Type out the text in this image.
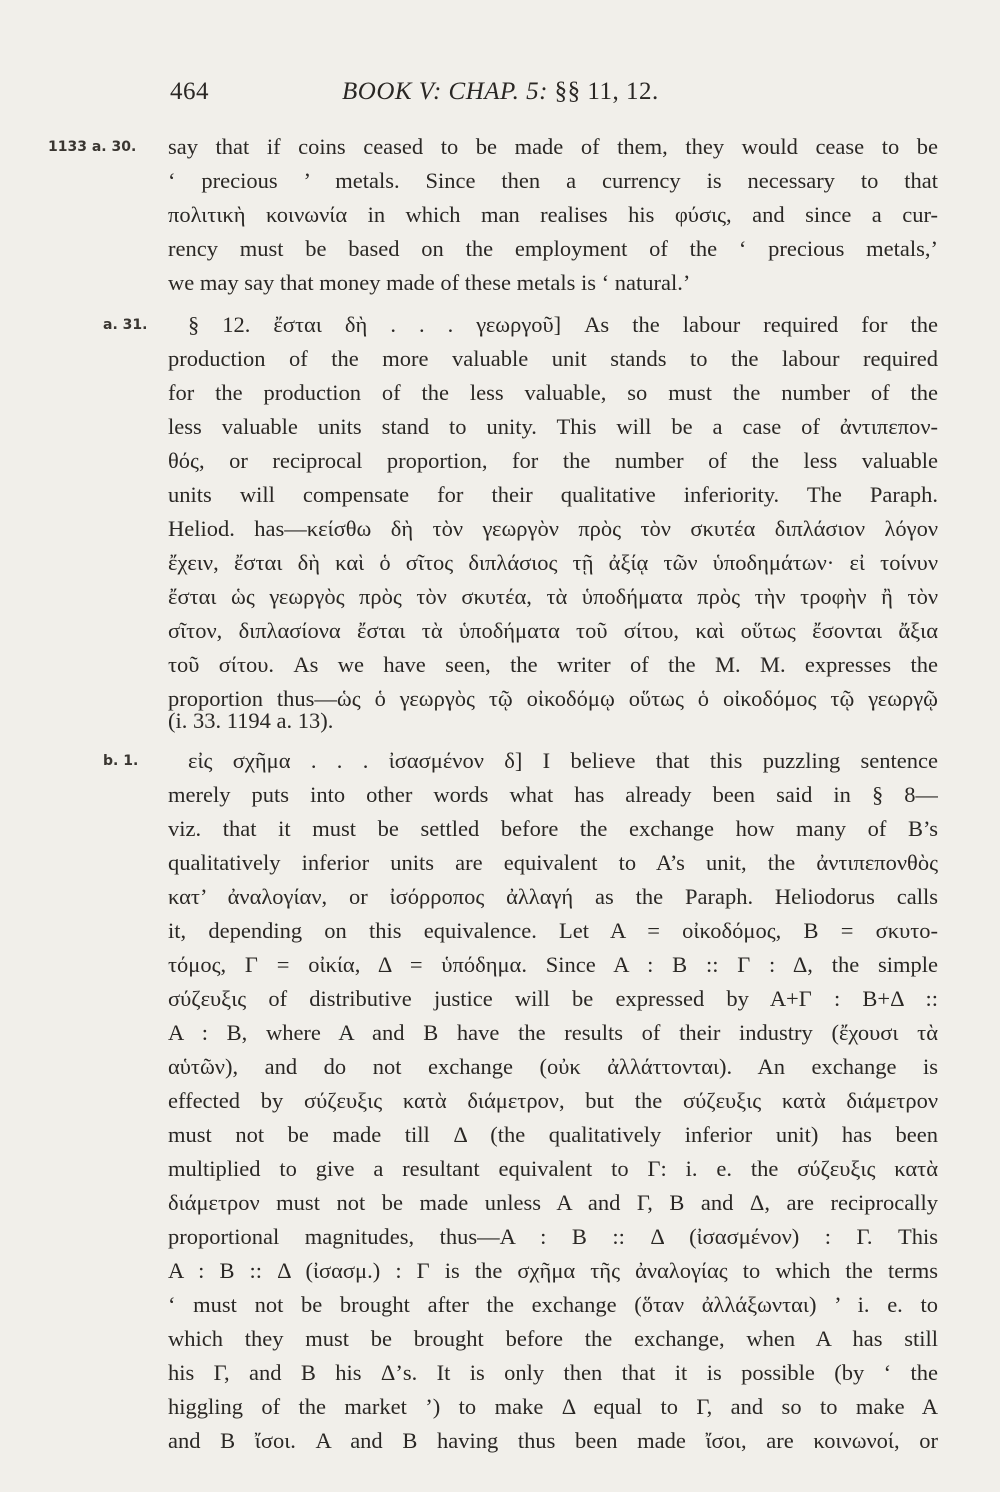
464	BOOK V: CHAP. 5: §§ 11, 12.
1133 a. 30.
a. 31.
b. 1.
say that if coins ceased to be made of them, they would cease to be
‘ precious ’ metals. Since then a currency is necessary to that
πολιτικὴ κοινωνία in which man realises his φύσις, and since a cur-
rency must be based on the employment of the ‘ precious metals,’
we may say that money made of these metals is ‘ natural.’
§ 12. ἔσται δὴ . . . γεωργοῦ] As the labour required for the
production of the more valuable unit stands to the labour required
for the production of the less valuable, so must the number of the
less valuable units stand to unity. This will be a case of ἀντιπεπον-
θός, or reciprocal proportion, for the number of the less valuable
units will compensate for their qualitative inferiority. The Paraph.
Heliod. has—κείσθω δὴ τὸν γεωργὸν πρὸς τὸν σκυτέα διπλάσιον λόγον
ἔχειν, ἔσται δὴ καὶ ὁ σῖτος διπλάσιος τῇ ἀξίᾳ τῶν ὑποδημάτων· εἰ τοίνυν
ἔσται ὡς γεωργὸς πρὸς τὸν σκυτέα, τὰ ὑποδήματα πρὸς τὴν τροφὴν ἢ τὸν
σῖτον, διπλασίονα ἔσται τὰ ὑποδήματα τοῦ σίτου, καὶ οὕτως ἔσονται ἄξια
τοῦ σίτου. As we have seen, the writer of the M. M. expresses the
proportion thus—ὡς ὁ γεωργὸς τῷ οἰκοδόμῳ οὕτως ὁ οἰκοδόμος τῷ γεωργῷ
(i. 33. 1194 a. 13).
εἰς σχῆμα . . . ἰσασμένον δ] I believe that this puzzling sentence
merely puts into other words what has already been said in § 8—
viz. that it must be settled before the exchange how many of B’s
qualitatively inferior units are equivalent to A’s unit, the ἀντιπεπονθὸς
κατ’ ἀναλογίαν, or ἰσόρροπος ἀλλαγή as the Paraph. Heliodorus calls
it, depending on this equivalence. Let A = οἰκοδόμος, B = σκυτο-
τόμος, Γ = οἰκία, Δ = ὑπόδημα. Since A : B :: Γ : Δ, the simple
σύζευξις of distributive justice will be expressed by A+Γ : B+Δ ::
A : B, where A and B have the results of their industry (ἔχουσι τὰ
αὑτῶν), and do not exchange (οὐκ ἀλλάττονται). An exchange is
effected by σύζευξις κατὰ διάμετρον, but the σύζευξις κατὰ διάμετρον
must not be made till Δ (the qualitatively inferior unit) has been
multiplied to give a resultant equivalent to Γ: i. e. the σύζευξις κατὰ
διάμετρον must not be made unless A and Γ, B and Δ, are reciprocally
proportional magnitudes, thus—A : B :: Δ (ἰσασμένον) : Γ. This
A : B :: Δ (ἰσασμ.) : Γ is the σχῆμα τῆς ἀναλογίας to which the terms
‘ must not be brought after the exchange (ὅταν ἀλλάξωνται) ’ i. e. to
which they must be brought before the exchange, when A has still
his Γ, and B his Δ’s. It is only then that it is possible (by ‘ the
higgling of the market ’) to make Δ equal to Γ, and so to make A
and B ἴσοι. A and B having thus been made ἴσοι, are κοινωνοί, or
